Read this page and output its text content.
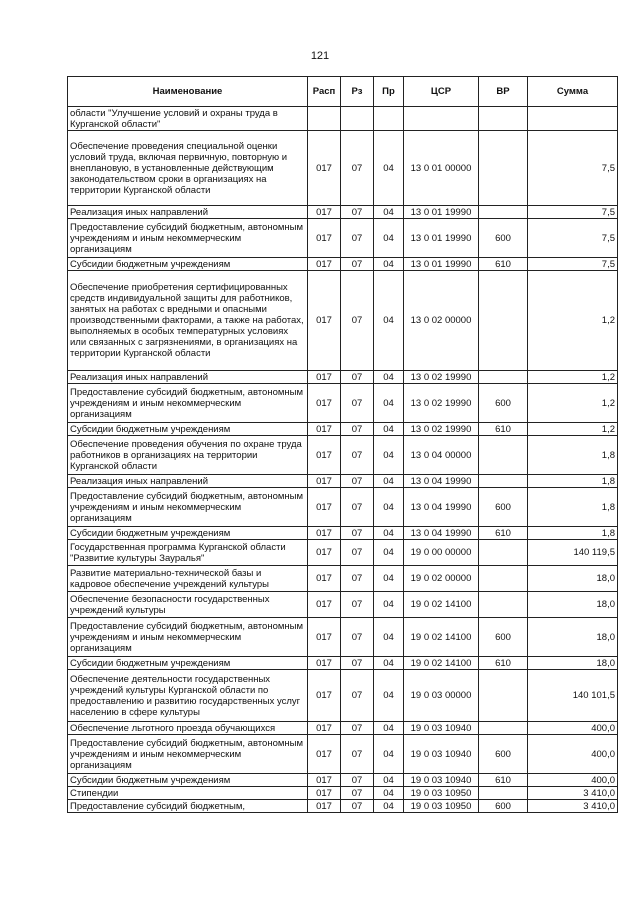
121
Наименование	Расп	Рз	Пр	ЦСР	ВР	Сумма
области "Улучшение условий и охраны труда в Курганской области"						
Обеспечение проведения специальной оценки условий труда, включая первичную, повторную и внеплановую, в установленные действующим законодательством сроки в организациях на территории Курганской области	017	07	04	13 0 01 00000		7,5
Реализация иных направлений	017	07	04	13 0 01 19990		7,5
Предоставление субсидий бюджетным, автономным учреждениям и иным некоммерческим организациям	017	07	04	13 0 01 19990	600	7,5
Субсидии бюджетным учреждениям	017	07	04	13 0 01 19990	610	7,5
Обеспечение приобретения сертифицированных средств индивидуальной защиты для работников, занятых на работах с вредными и опасными производственными факторами, а также на работах, выполняемых в особых температурных условиях или связанных с загрязнениями, в организациях на территории Курганской области	017	07	04	13 0 02 00000		1,2
Реализация иных направлений	017	07	04	13 0 02 19990		1,2
Предоставление субсидий бюджетным, автономным учреждениям и иным некоммерческим организациям	017	07	04	13 0 02 19990	600	1,2
Субсидии бюджетным учреждениям	017	07	04	13 0 02 19990	610	1,2
Обеспечение проведения обучения по охране труда работников в организациях на территории Курганской области	017	07	04	13 0 04 00000		1,8
Реализация иных направлений	017	07	04	13 0 04 19990		1,8
Предоставление субсидий бюджетным, автономным учреждениям и иным некоммерческим организациям	017	07	04	13 0 04 19990	600	1,8
Субсидии бюджетным учреждениям	017	07	04	13 0 04 19990	610	1,8
Государственная программа Курганской области "Развитие культуры Зауралья"	017	07	04	19 0 00 00000		140 119,5
Развитие материально-технической базы и кадровое обеспечение учреждений культуры	017	07	04	19 0 02 00000		18,0
Обеспечение безопасности государственных учреждений культуры	017	07	04	19 0 02 14100		18,0
Предоставление субсидий бюджетным, автономным учреждениям и иным некоммерческим организациям	017	07	04	19 0 02 14100	600	18,0
Субсидии бюджетным учреждениям	017	07	04	19 0 02 14100	610	18,0
Обеспечение деятельности государственных учреждений культуры Курганской области по предоставлению и развитию государственных услуг населению в сфере культуры	017	07	04	19 0 03 00000		140 101,5
Обеспечение льготного проезда обучающихся	017	07	04	19 0 03 10940		400,0
Предоставление субсидий бюджетным, автономным учреждениям и иным некоммерческим организациям	017	07	04	19 0 03 10940	600	400,0
Субсидии бюджетным учреждениям	017	07	04	19 0 03 10940	610	400,0
Стипендии	017	07	04	19 0 03 10950		3 410,0
Предоставление субсидий бюджетным,	017	07	04	19 0 03 10950	600	3 410,0
